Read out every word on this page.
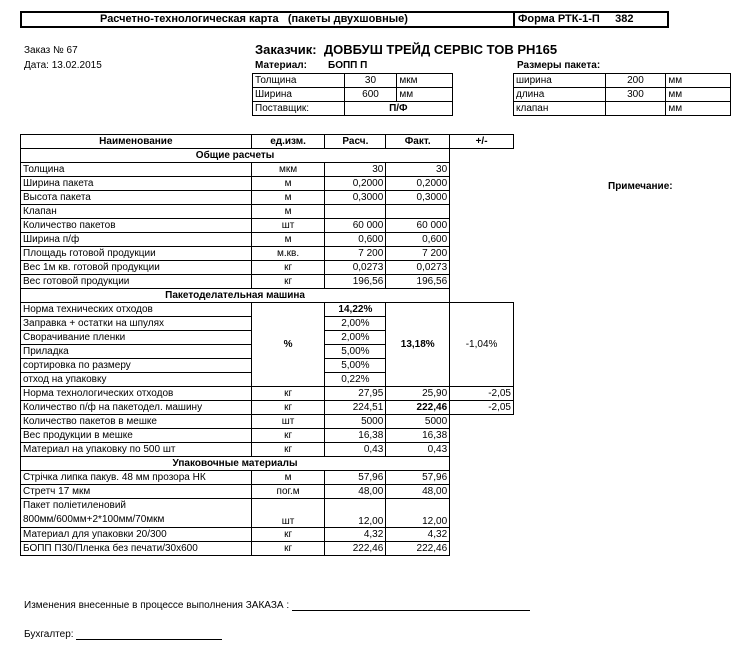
Расчетно-технологическая карта (пакеты двухшовные)	Форма РТК-1-П 382
Заказ № 67
Дата: 13.02.2015
Заказчик: ДОВБУШ ТРЕЙД СЕРВІС ТОВ РН165
Материал: БОПП П
Толщина	30	мкм
Ширина	600	мм
Поставщик:	П/Ф	
Размеры пакета:
ширина	200	мм
длина	300	мм
клапан		мм
Наименование	ед.изм.	Расч.	Факт.	+/-
Общие расчеты				
Толщина	мкм	30	30	
Ширина пакета	м	0,2000	0,2000	
Высота пакета	м	0,3000	0,3000	
Клапан	м			
Количество пакетов	шт	60 000	60 000	
Ширина п/ф	м	0,600	0,600	
Площадь готовой продукции	м.кв.	7 200	7 200	
Вес 1м кв. готовой продукции	кг	0,0273	0,0273	
Вес готовой продукции	кг	196,56	196,56	
Пакетоделательная машина				
Норма технических отходов	%	14,22%	13,18%	-1,04%
Заправка + остатки на шпулях		2,00%		
Сворачивание пленки		2,00%		
Приладка		5,00%		
сортировка по размеру		5,00%		
отход на упаковку		0,22%		
Норма технологических отходов	кг	27,95	25,90	-2,05
Количество п/ф на пакетодел. машину	кг	224,51	222,46	-2,05
Количество пакетов в мешке	шт	5000	5000	
Вес продукции в мешке	кг	16,38	16,38	
Материал на упаковку по 500 шт	кг	0,43	0,43	
Упаковочные материалы				
Стрічка липка пакув. 48 мм прозора НК	м	57,96	57,96	
Стретч 17 мкм	пог.м	48,00	48,00	
Пакет поліетиленовий
800мм/600мм+2*100мм/70мкм	шт	12,00	12,00	
Материал для упаковки 20/300	кг	4,32	4,32	
БОПП П30/Пленка без печати/30х600	кг	222,46	222,46	
Примечание:
Изменения внесенные в процессе выполнения ЗАКАЗА :
Бухгалтер:
